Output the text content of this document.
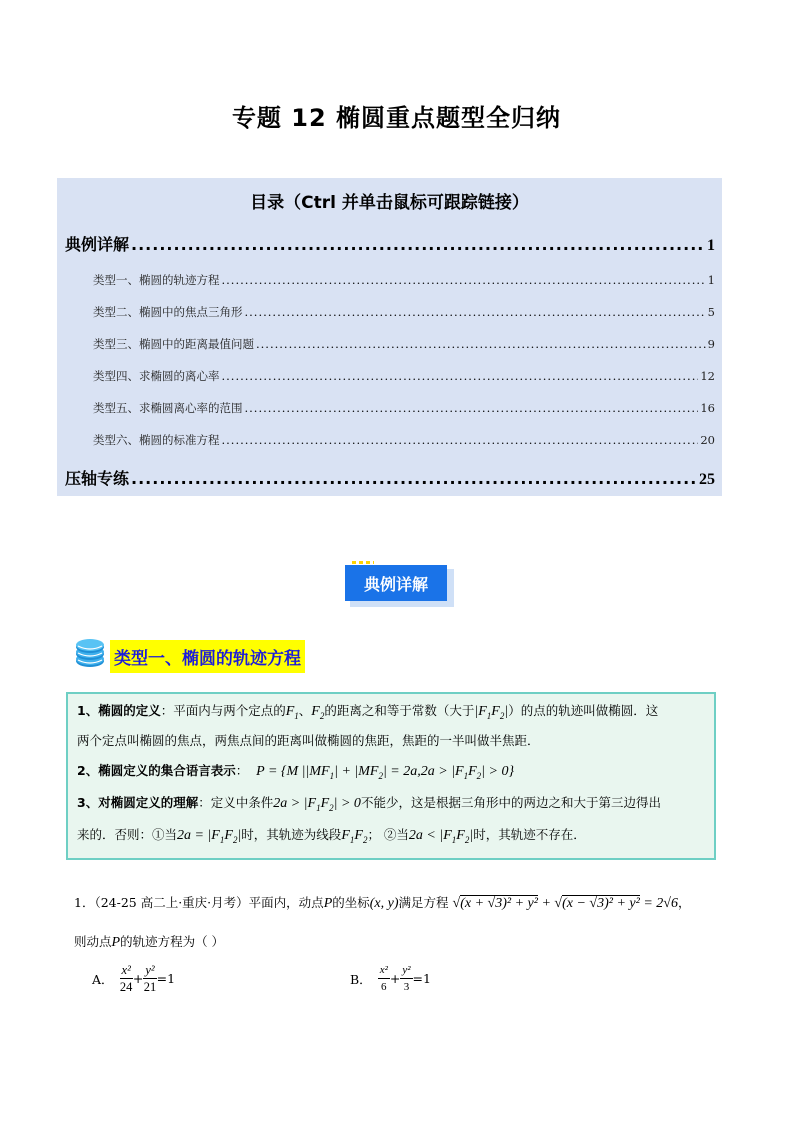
专题 12 椭圆重点题型全归纳
目录（Ctrl 并单击鼠标可跟踪链接）
典例详解 .....	1
类型一、椭圆的轨迹方程 .....	1
类型二、椭圆中的焦点三角形 .....	5
类型三、椭圆中的距离最值问题 .....	9
类型四、求椭圆的离心率 .....	12
类型五、求椭圆离心率的范围 .....	16
类型六、椭圆的标准方程 .....	20
压轴专练 .....	25
典例详解
类型一、椭圆的轨迹方程
1、椭圆的定义：平面内与两个定点的$F_1$、$F_2$的距离之和等于常数（大于$|F_1F_2|$）的点的轨迹叫做椭圆．这
两个定点叫椭圆的焦点，两焦点间的距离叫做椭圆的焦距，焦距的一半叫做半焦距．
2、椭圆定义的集合语言表示： P = {M $||MF_1| + |MF_2| = 2a,2a > |F_1F_2| > 0$}
3、对椭圆定义的理解：定义中条件$2a > |F_1F_2| > 0$不能少，这是根据三角形中的两边之和大于第三边得出
来的．否则：①当$2a = |F_1F_2|$时，其轨迹为线段$F_1F_2$； ②当$2a < |F_1F_2|$时，其轨迹不存在．
1．（24-25 高二上·重庆·月考）平面内，动点P的坐标(x, y)满足方程 √(x + √3)² + y² + √(x − √3)² + y² = 2√6，
则动点P的轨迹方程为（ ）
A． $\frac{\text{x²}}{24} + \frac{\text{y²}}{21} =1$	B． $\frac{\text{x²}}{6} + \frac{\text{y²}}{3} =1$
